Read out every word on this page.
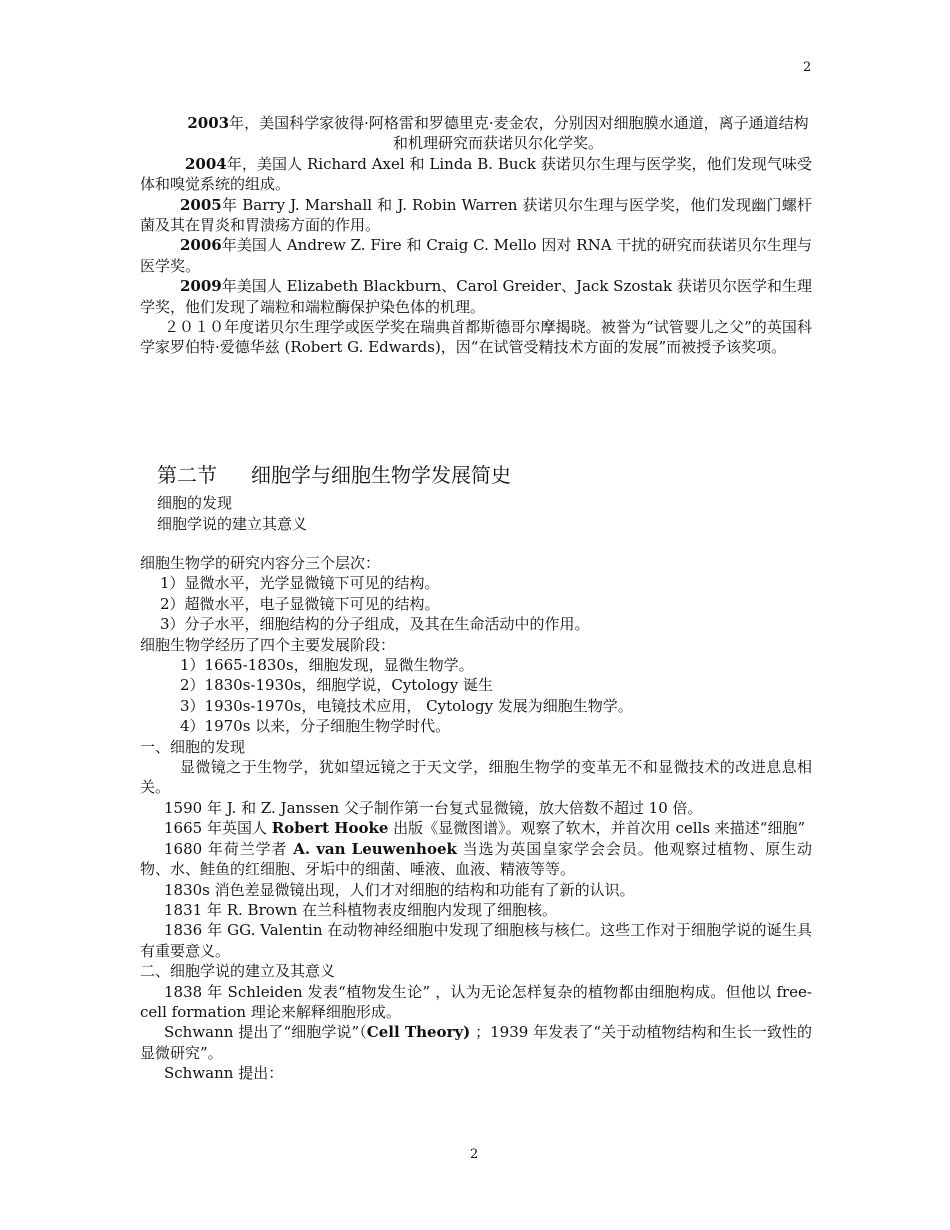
2

2003年，美国科学家彼得·阿格雷和罗德里克·麦金农，分别因对细胞膜水通道，离子通道结构和机理研究而获诺贝尔化学奖。

2004年，美国人 Richard Axel 和 Linda B. Buck 获诺贝尔生理与医学奖，他们发现气味受体和嗅觉系统的组成。

2005年 Barry J. Marshall 和 J. Robin Warren 获诺贝尔生理与医学奖，他们发现幽门螺杆菌及其在胃炎和胃溃疡方面的作用。

2006年美国人 Andrew Z. Fire 和 Craig C. Mello 因对 RNA 干扰的研究而获诺贝尔生理与医学奖。

2009年美国人 Elizabeth Blackburn、Carol Greider、Jack Szostak 获诺贝尔医学和生理学奖，他们发现了端粒和端粒酶保护染色体的机理。

２０１０年度诺贝尔生理学或医学奖在瑞典首都斯德哥尔摩揭晓。被誉为“试管婴儿之父”的英国科学家罗伯特·爱德华兹 (Robert G. Edwards)，因“在试管受精技术方面的发展”而被授予该奖项。

第二节 细胞学与细胞生物学发展简史
细胞的发现
细胞学说的建立其意义

细胞生物学的研究内容分三个层次：

1）显微水平，光学显微镜下可见的结构。

2）超微水平，电子显微镜下可见的结构。

3）分子水平，细胞结构的分子组成，及其在生命活动中的作用。

细胞生物学经历了四个主要发展阶段：

1）1665-1830s，细胞发现，显微生物学。

2）1830s-1930s，细胞学说，Cytology 诞生

3）1930s-1970s，电镜技术应用， Cytology 发展为细胞生物学。

4）1970s 以来，分子细胞生物学时代。

一、细胞的发现

显微镜之于生物学，犹如望远镜之于天文学，细胞生物学的变革无不和显微技术的改进息息相关。

1590 年 J. 和 Z. Janssen 父子制作第一台复式显微镜，放大倍数不超过 10 倍。

1665 年英国人 Robert Hooke 出版《显微图谱》。观察了软木，并首次用 cells 来描述“细胞”

1680 年荷兰学者 A. van Leuwenhoek 当选为英国皇家学会会员。他观察过植物、原生动物、水、鲑鱼的红细胞、牙垢中的细菌、唾液、血液、精液等等。

1830s 消色差显微镜出现，人们才对细胞的结构和功能有了新的认识。

1831 年 R. Brown 在兰科植物表皮细胞内发现了细胞核。

1836 年 GG. Valentin 在动物神经细胞中发现了细胞核与核仁。这些工作对于细胞学说的诞生具有重要意义。

二、细胞学说的建立及其意义

1838 年 Schleiden 发表“植物发生论” ，认为无论怎样复杂的植物都由细胞构成。但他以 free-cell formation 理论来解释细胞形成。

Schwann 提出了“细胞学说”（Cell Theory) ；1939 年发表了“关于动植物结构和生长一致性的显微研究”。

Schwann 提出：

2
